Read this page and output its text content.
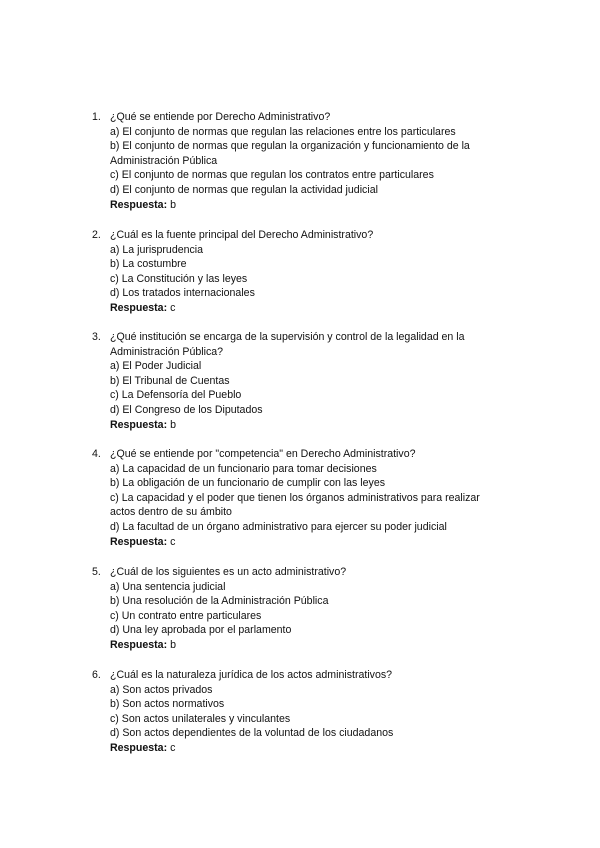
1. ¿Qué se entiende por Derecho Administrativo?
a) El conjunto de normas que regulan las relaciones entre los particulares
b) El conjunto de normas que regulan la organización y funcionamiento de la Administración Pública
c) El conjunto de normas que regulan los contratos entre particulares
d) El conjunto de normas que regulan la actividad judicial
Respuesta: b
2. ¿Cuál es la fuente principal del Derecho Administrativo?
a) La jurisprudencia
b) La costumbre
c) La Constitución y las leyes
d) Los tratados internacionales
Respuesta: c
3. ¿Qué institución se encarga de la supervisión y control de la legalidad en la Administración Pública?
a) El Poder Judicial
b) El Tribunal de Cuentas
c) La Defensoría del Pueblo
d) El Congreso de los Diputados
Respuesta: b
4. ¿Qué se entiende por "competencia" en Derecho Administrativo?
a) La capacidad de un funcionario para tomar decisiones
b) La obligación de un funcionario de cumplir con las leyes
c) La capacidad y el poder que tienen los órganos administrativos para realizar actos dentro de su ámbito
d) La facultad de un órgano administrativo para ejercer su poder judicial
Respuesta: c
5. ¿Cuál de los siguientes es un acto administrativo?
a) Una sentencia judicial
b) Una resolución de la Administración Pública
c) Un contrato entre particulares
d) Una ley aprobada por el parlamento
Respuesta: b
6. ¿Cuál es la naturaleza jurídica de los actos administrativos?
a) Son actos privados
b) Son actos normativos
c) Son actos unilaterales y vinculantes
d) Son actos dependientes de la voluntad de los ciudadanos
Respuesta: c
